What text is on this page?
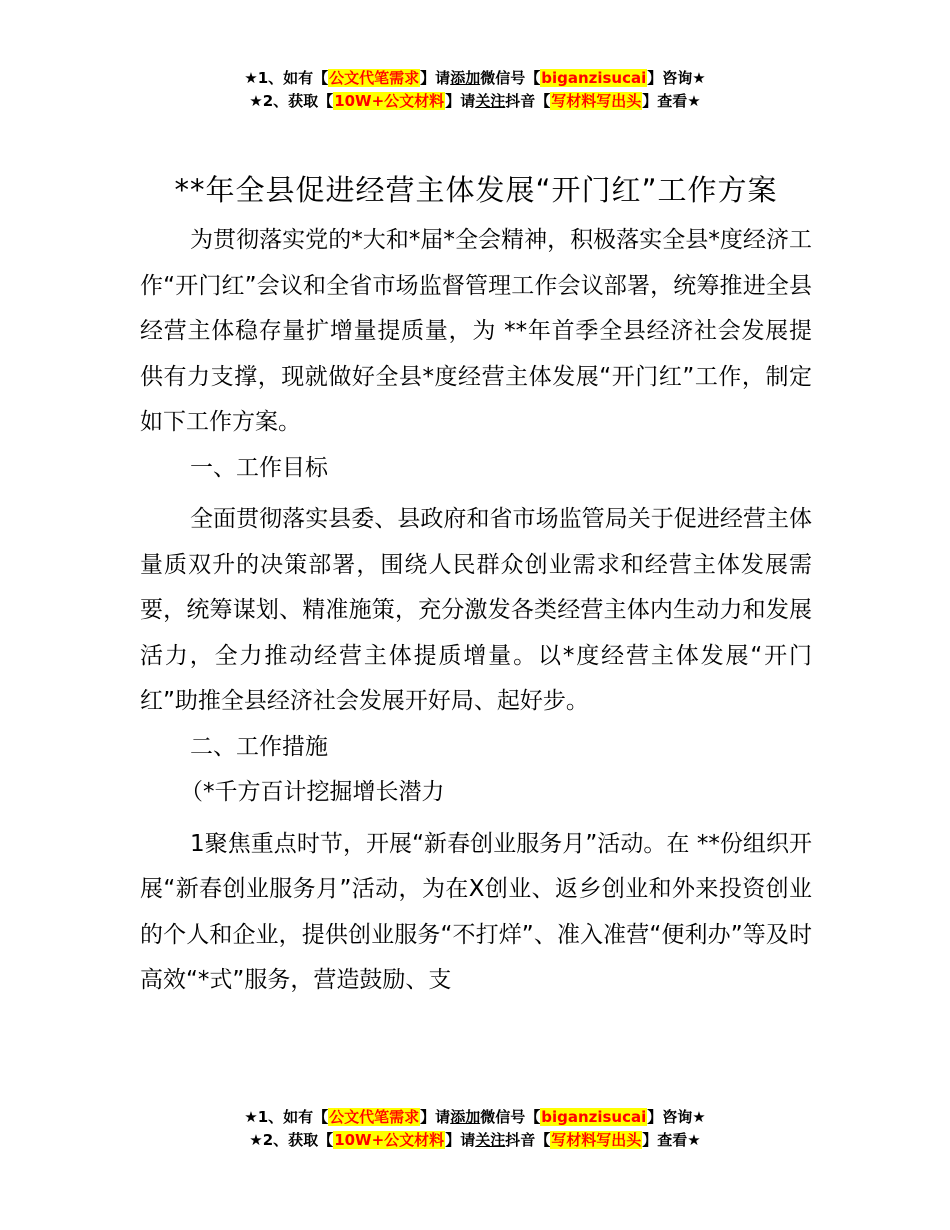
★1、如有【公文代笔需求】请添加微信号【biganzisucai】咨询★
★2、获取【10W+公文材料】请关注抖音【写材料写出头】查看★
**年全县促进经营主体发展“开门红”工作方案

为贯彻落实党的*大和*届*全会精神，积极落实全县*度经济工作“开门红”会议和全省市场监督管理工作会议部署，统筹推进全县经营主体稳存量扩增量提质量，为 **年首季全县经济社会发展提供有力支撑，现就做好全县*度经营主体发展“开门红”工作，制定如下工作方案。

一、工作目标

全面贯彻落实县委、县政府和省市场监管局关于促进经营主体量质双升的决策部署，围绕人民群众创业需求和经营主体发展需要，统筹谋划、精准施策，充分激发各类经营主体内生动力和发展活力，全力推动经营主体提质增量。以*度经营主体发展“开门红”助推全县经济社会发展开好局、起好步。

二、工作措施

（*千方百计挖掘增长潜力

1聚焦重点时节，开展“新春创业服务月”活动。在 **份组织开展“新春创业服务月”活动，为在X创业、返乡创业和外来投资创业的个人和企业，提供创业服务“不打烊”、准入准营“便利办”等及时高效“*式”服务，营造鼓励、支

★1、如有【公文代笔需求】请添加微信号【biganzisucai】咨询★
★2、获取【10W+公文材料】请关注抖音【写材料写出头】查看★
